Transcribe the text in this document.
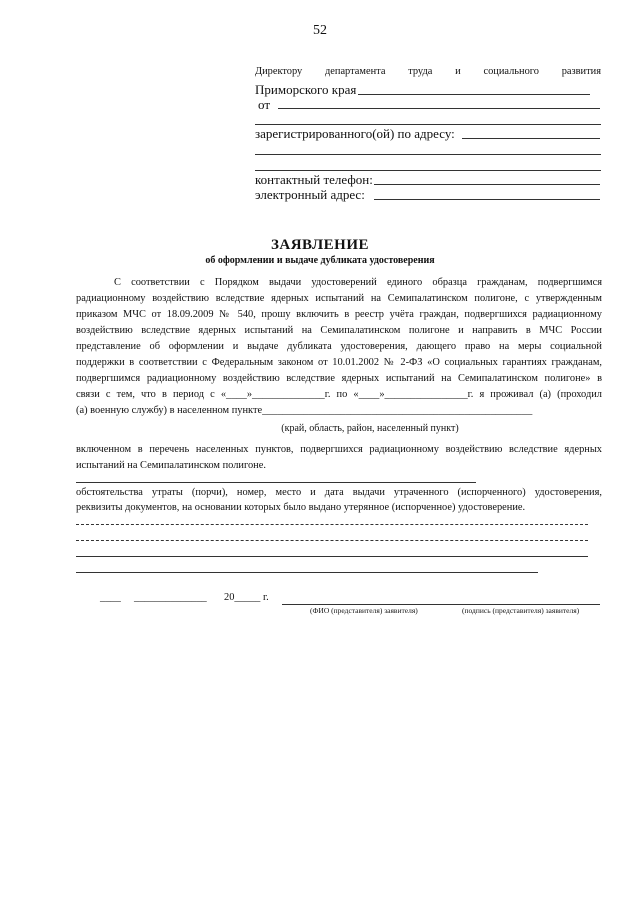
52
Директору департамента труда и социального развития
Приморского края
от
зарегистрированного(ой) по адресу:
контактный телефон:
электронный адрес:
ЗАЯВЛЕНИЕ
об оформлении и выдаче дубликата удостоверения
С соответствии с Порядком выдачи удостоверений единого образца гражданам, подвергшимся
радиационному воздействию вследствие ядерных испытаний на Семипалатинском полигоне, с утвержденным
приказом МЧС от 18.09.2009 № 540, прошу включить в реестр учёта граждан, подвергшихся радиационному
воздействию вследствие ядерных испытаний на Семипалатинском полигоне и направить в МЧС России
представление об оформлении и выдаче дубликата удостоверения, дающего право на меры социальной
поддержки в соответствии с Федеральным законом от 10.01.2002 № 2-ФЗ «О социальных гарантиях гражданам,
подвергшимся радиационному воздействию вследствие ядерных испытаний на Семипалатинском полигоне» в
связи с тем, что в период с «____»______________г. по «____»________________г. я проживал (а) (проходил
(а) военную службу) в населенном пункте____________________________________________________
(край, область, район, населенный пункт)
включенном в перечень населенных пунктов, подвергшихся радиационному воздействию вследствие ядерных
испытаний на Семипалатинском полигоне.
обстоятельства утраты (порчи), номер, место и дата выдачи утраченного (испорченного) удостоверения,
реквизиты документов, на основании которых было выдано утерянное (испорченное) удостоверение.
____ ______________ 20_____ г.
(ФИО (представителя) заявителя)	(подпись (представителя) заявителя)
